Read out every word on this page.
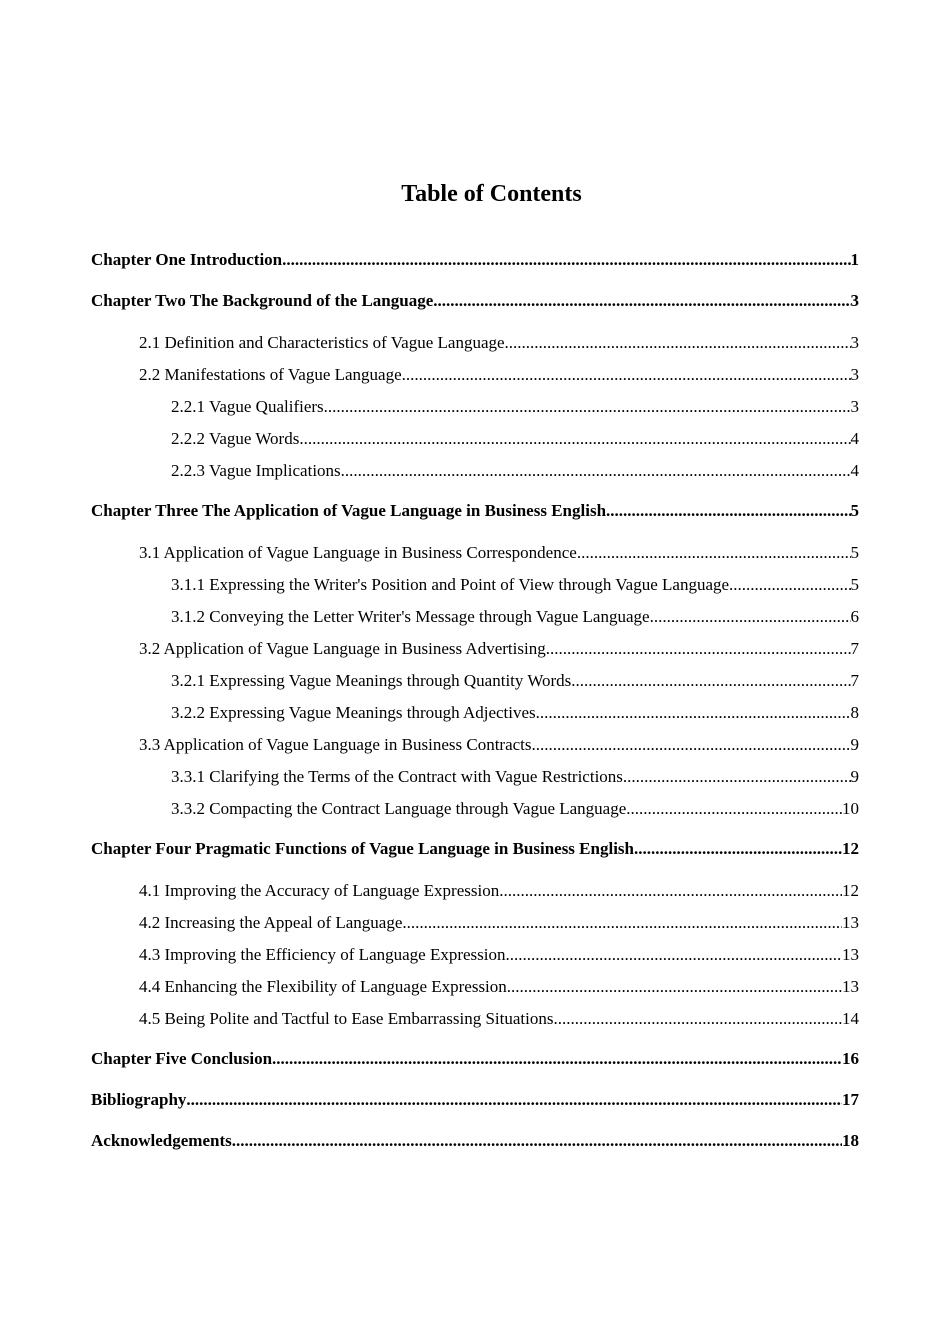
Table of Contents
Chapter One Introduction .....	1
Chapter Two The Background of the Language .....	3
2.1 Definition and Characteristics of Vague Language .....	3
2.2 Manifestations of Vague Language .....	3
2.2.1 Vague Qualifiers .....	3
2.2.2 Vague Words .....	4
2.2.3 Vague Implications .....	4
Chapter Three The Application of Vague Language in Business English .....	5
3.1 Application of Vague Language in Business Correspondence .....	5
3.1.1 Expressing the Writer's Position and Point of View through Vague Language .....	5
3.1.2 Conveying the Letter Writer's Message through Vague Language .....	6
3.2 Application of Vague Language in Business Advertising .....	7
3.2.1 Expressing Vague Meanings through Quantity Words .....	7
3.2.2 Expressing Vague Meanings through Adjectives .....	8
3.3 Application of Vague Language in Business Contracts .....	9
3.3.1 Clarifying the Terms of the Contract with Vague Restrictions .....	9
3.3.2 Compacting the Contract Language through Vague Language .....	10
Chapter Four Pragmatic Functions of Vague Language in Business English .....	12
4.1 Improving the Accuracy of Language Expression .....	12
4.2 Increasing the Appeal of Language .....	13
4.3 Improving the Efficiency of Language Expression .....	13
4.4 Enhancing the Flexibility of Language Expression .....	13
4.5 Being Polite and Tactful to Ease Embarrassing Situations .....	14
Chapter Five Conclusion .....	16
Bibliography .....	17
Acknowledgements .....	18
